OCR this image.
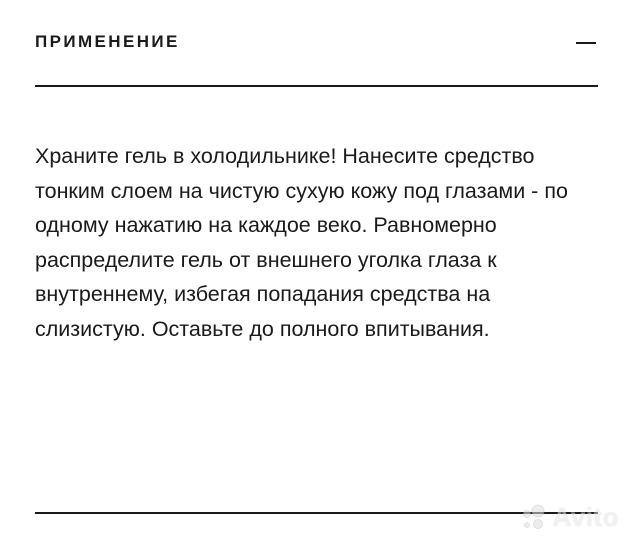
ПРИМЕНЕНИЕ

Храните гель в холодильнике! Нанесите средство тонким слоем на чистую сухую кожу под глазами - по одному нажатию на каждое веко. Равномерно распределите гель от внешнего уголка глаза к внутреннему, избегая попадания средства на слизистую. Оставьте до полного впитывания.

Avito
